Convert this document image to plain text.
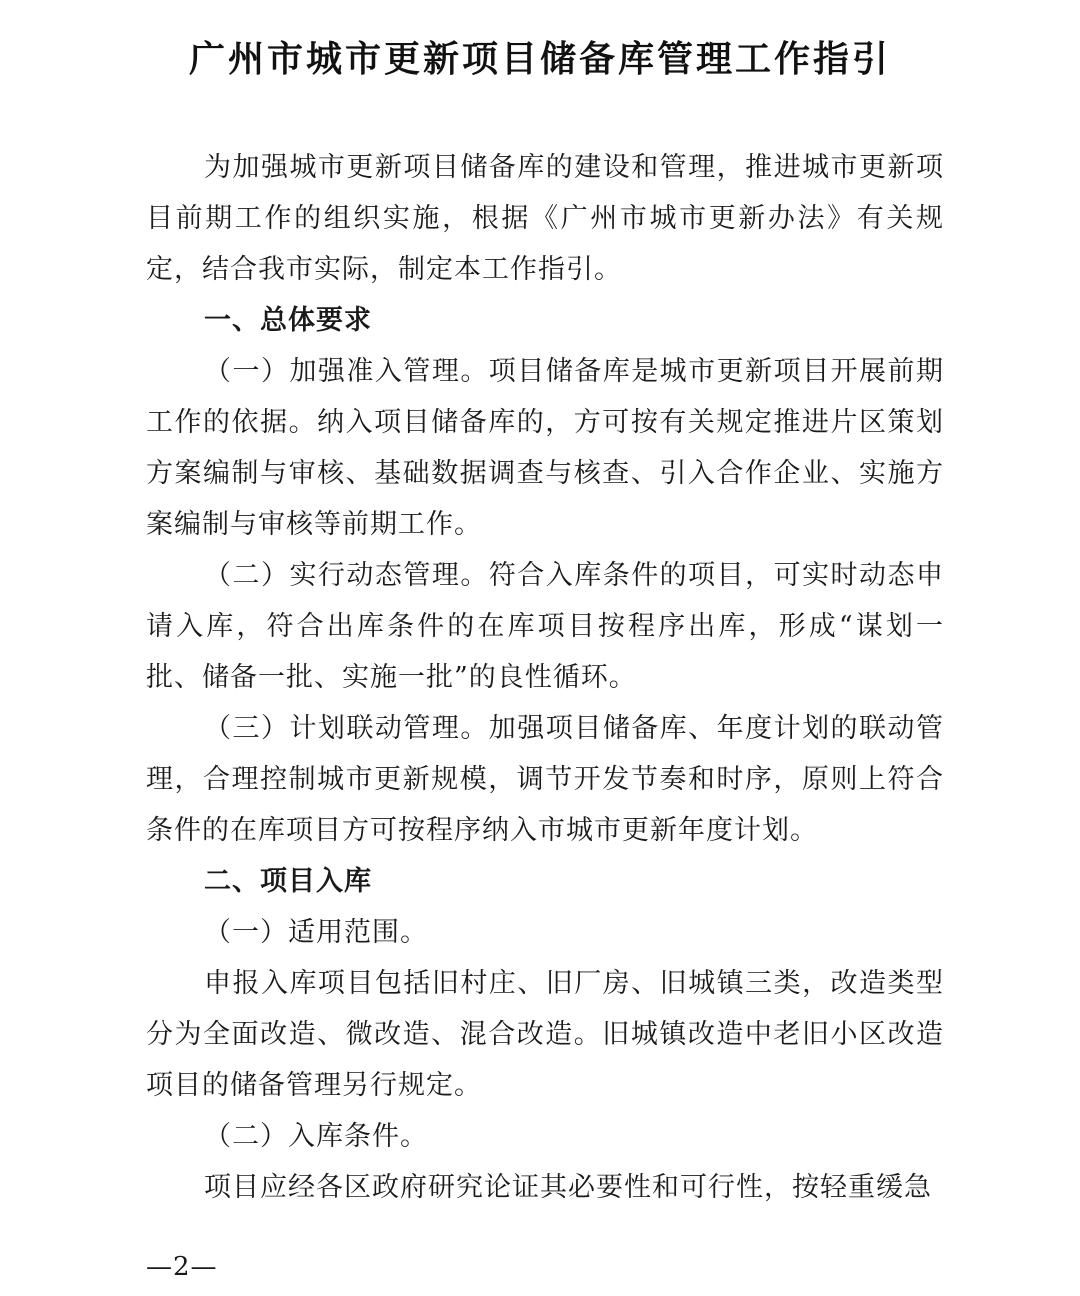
广州市城市更新项目储备库管理工作指引

为加强城市更新项目储备库的建设和管理，推进城市更新项目前期工作的组织实施，根据《广州市城市更新办法》有关规定，结合我市实际，制定本工作指引。

一、总体要求

（一）加强准入管理。项目储备库是城市更新项目开展前期工作的依据。纳入项目储备库的，方可按有关规定推进片区策划方案编制与审核、基础数据调查与核查、引入合作企业、实施方案编制与审核等前期工作。

（二）实行动态管理。符合入库条件的项目，可实时动态申请入库，符合出库条件的在库项目按程序出库，形成“谋划一批、储备一批、实施一批”的良性循环。

（三）计划联动管理。加强项目储备库、年度计划的联动管理，合理控制城市更新规模，调节开发节奏和时序，原则上符合条件的在库项目方可按程序纳入市城市更新年度计划。

二、项目入库

（一）适用范围。

申报入库项目包括旧村庄、旧厂房、旧城镇三类，改造类型分为全面改造、微改造、混合改造。旧城镇改造中老旧小区改造项目的储备管理另行规定。

（二）入库条件。

项目应经各区政府研究论证其必要性和可行性，按轻重缓急

—2—
